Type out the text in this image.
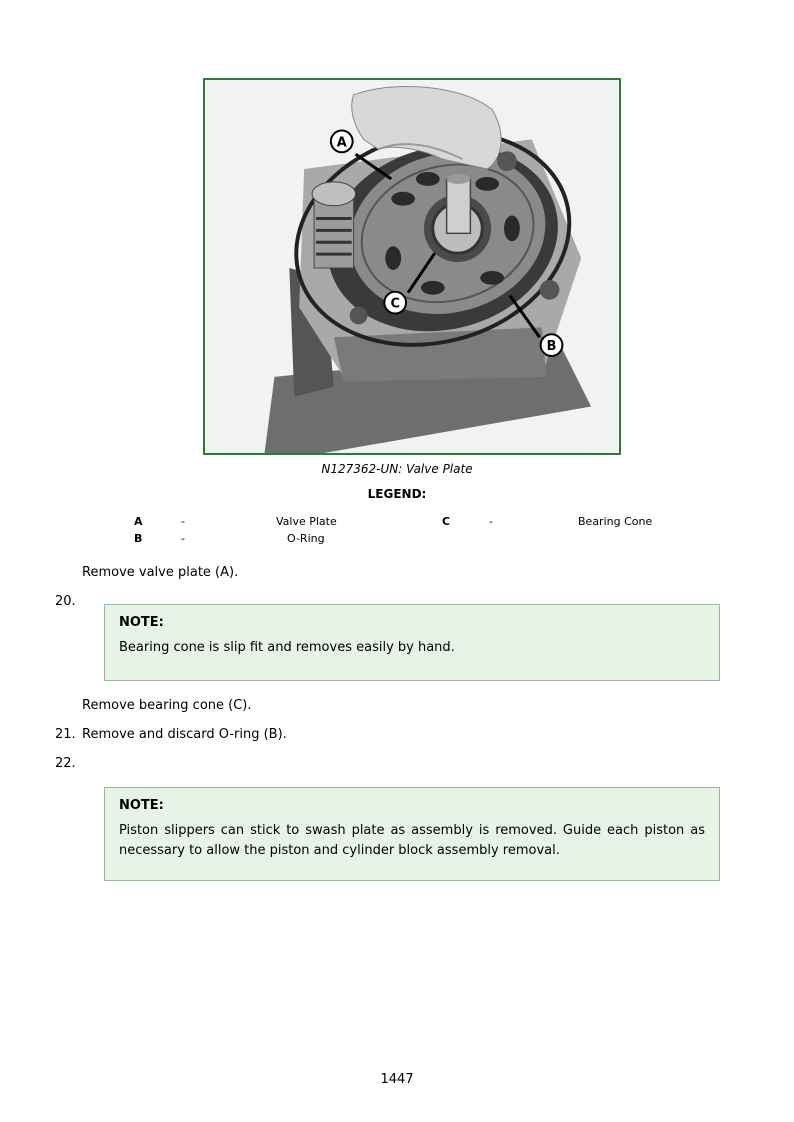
A
C
B
N127362-UN: Valve Plate
LEGEND:
A	-	Valve Plate	C	-	Bearing Cone
B	-	O-Ring
Remove valve plate (A).
20.
NOTE:
Bearing cone is slip fit and removes easily by hand.
Remove bearing cone (C).
21. Remove and discard O-ring (B).
22.
NOTE:
Piston slippers can stick to swash plate as assembly is removed. Guide each piston as necessary to allow the piston and cylinder block assembly removal.
1447
